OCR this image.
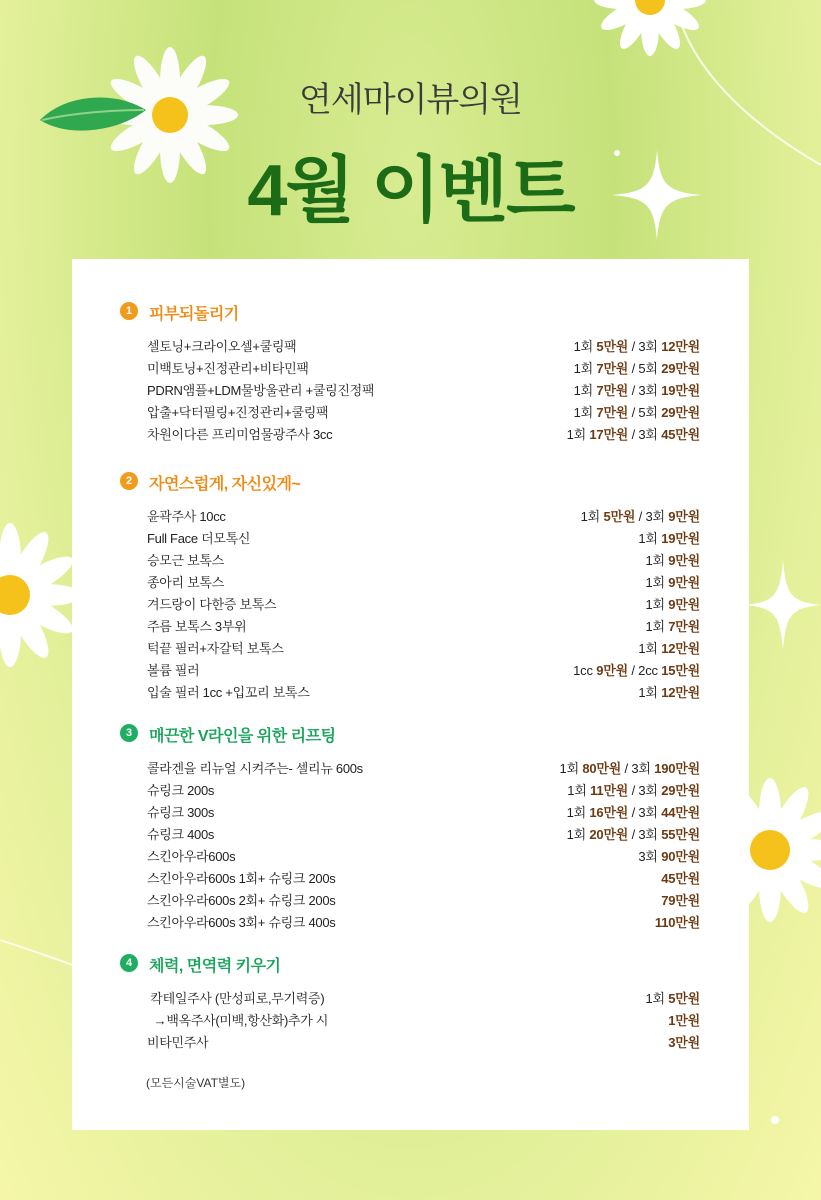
연세마이뷰의원
4월 이벤트
1	피부되돌리기
셀토닝+크라이오셀+쿨링팩	1회 5만원 / 3회 12만원
미백토닝+진정관리+비타민팩	1회 7만원 / 5회 29만원
PDRN앰플+LDM물방울관리 +쿨링진정팩	1회 7만원 / 3회 19만원
압출+닥터필링+진정관리+쿨링팩	1회 7만원 / 5회 29만원
차원이다른 프리미엄물광주사 3cc	1회 17만원 / 3회 45만원
2	자연스럽게, 자신있게~
윤곽주사 10cc	1회 5만원 / 3회 9만원
Full Face 더모톡신	1회 19만원
승모근 보톡스	1회 9만원
종아리 보톡스	1회 9만원
겨드랑이 다한증 보톡스	1회 9만원
주름 보톡스 3부위	1회 7만원
턱끝 필러+자갈턱 보톡스	1회 12만원
볼륨 필러	1cc 9만원 / 2cc 15만원
입술 필러 1cc +입꼬리 보톡스	1회 12만원
3	매끈한 V라인을 위한 리프팅
콜라겐을 리뉴얼 시켜주는- 셀리뉴 600s	1회 80만원 / 3회 190만원
슈링크 200s	1회 11만원 / 3회 29만원
슈링크 300s	1회 16만원 / 3회 44만원
슈링크 400s	1회 20만원 / 3회 55만원
스킨아우라600s	3회 90만원
스킨아우라600s 1회+ 슈링크 200s	45만원
스킨아우라600s 2회+ 슈링크 200s	79만원
스킨아우라600s 3회+ 슈링크 400s	110만원
4	체력, 면역력 키우기
칵테일주사 (만성피로,무기력증)	1회 5만원
→백옥주사(미백,항산화)추가 시	1만원
비타민주사	3만원
(모든시술VAT별도)
